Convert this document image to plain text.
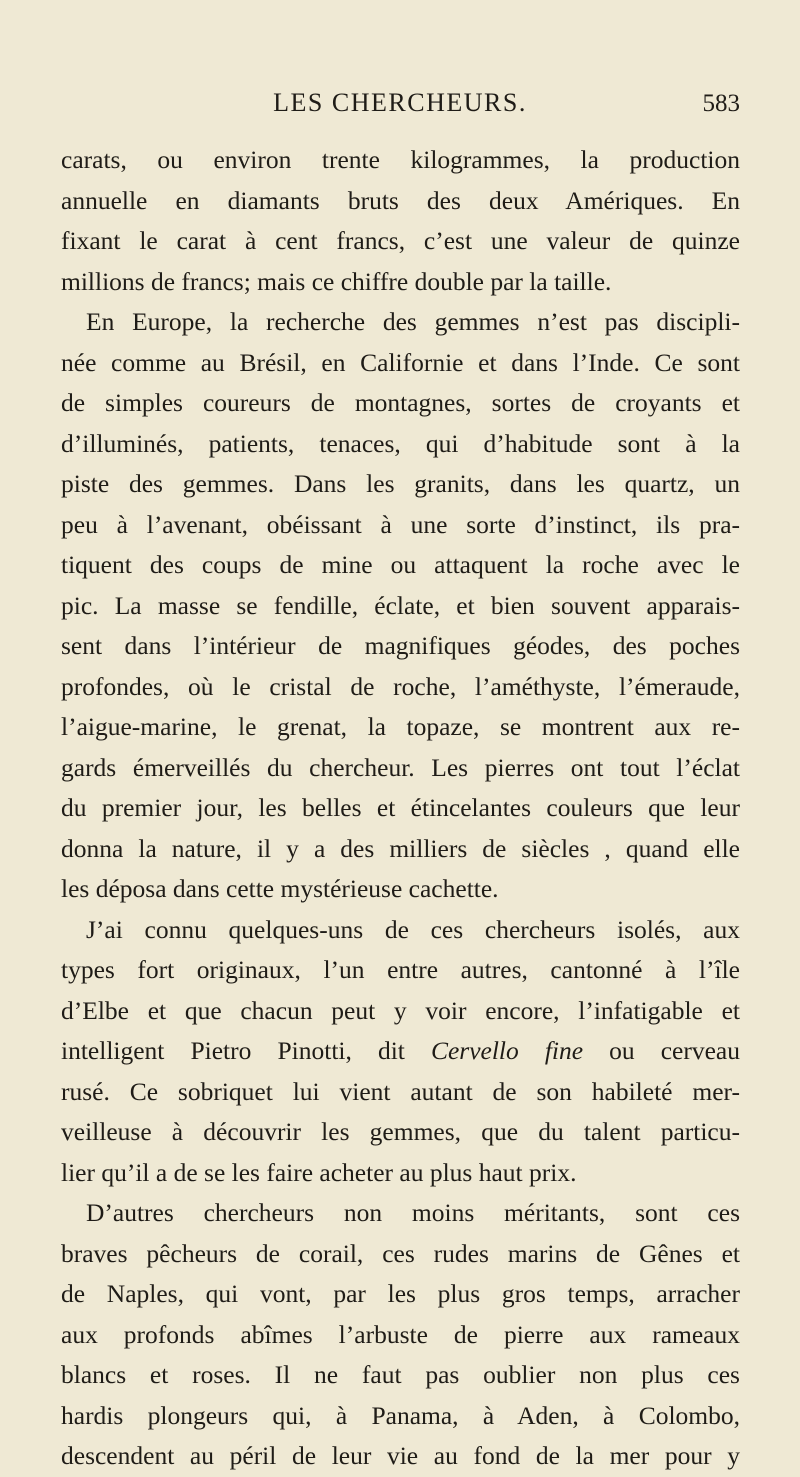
LES CHERCHEURS.	583
carats, ou environ trente kilogrammes, la production
annuelle en diamants bruts des deux Amériques. En
fixant le carat à cent francs, c’est une valeur de quinze
millions de francs; mais ce chiffre double par la taille.
En Europe, la recherche des gemmes n’est pas discipli-
née comme au Brésil, en Californie et dans l’Inde. Ce sont
de simples coureurs de montagnes, sortes de croyants et
d’illuminés, patients, tenaces, qui d’habitude sont à la
piste des gemmes. Dans les granits, dans les quartz, un
peu à l’avenant, obéissant à une sorte d’instinct, ils pra-
tiquent des coups de mine ou attaquent la roche avec le
pic. La masse se fendille, éclate, et bien souvent apparais-
sent dans l’intérieur de magnifiques géodes, des poches
profondes, où le cristal de roche, l’améthyste, l’émeraude,
l’aigue-marine, le grenat, la topaze, se montrent aux re-
gards émerveillés du chercheur. Les pierres ont tout l’éclat
du premier jour, les belles et étincelantes couleurs que leur
donna la nature, il y a des milliers de siècles , quand elle
les déposa dans cette mystérieuse cachette.
J’ai connu quelques-uns de ces chercheurs isolés, aux
types fort originaux, l’un entre autres, cantonné à l’île
d’Elbe et que chacun peut y voir encore, l’infatigable et
intelligent Pietro Pinotti, dit Cervello fine ou cerveau
rusé. Ce sobriquet lui vient autant de son habileté mer-
veilleuse à découvrir les gemmes, que du talent particu-
lier qu’il a de se les faire acheter au plus haut prix.
D’autres chercheurs non moins méritants, sont ces
braves pêcheurs de corail, ces rudes marins de Gênes et
de Naples, qui vont, par les plus gros temps, arracher
aux profonds abîmes l’arbuste de pierre aux rameaux
blancs et roses. Il ne faut pas oublier non plus ces
hardis plongeurs qui, à Panama, à Aden, à Colombo,
descendent au péril de leur vie au fond de la mer pour y
